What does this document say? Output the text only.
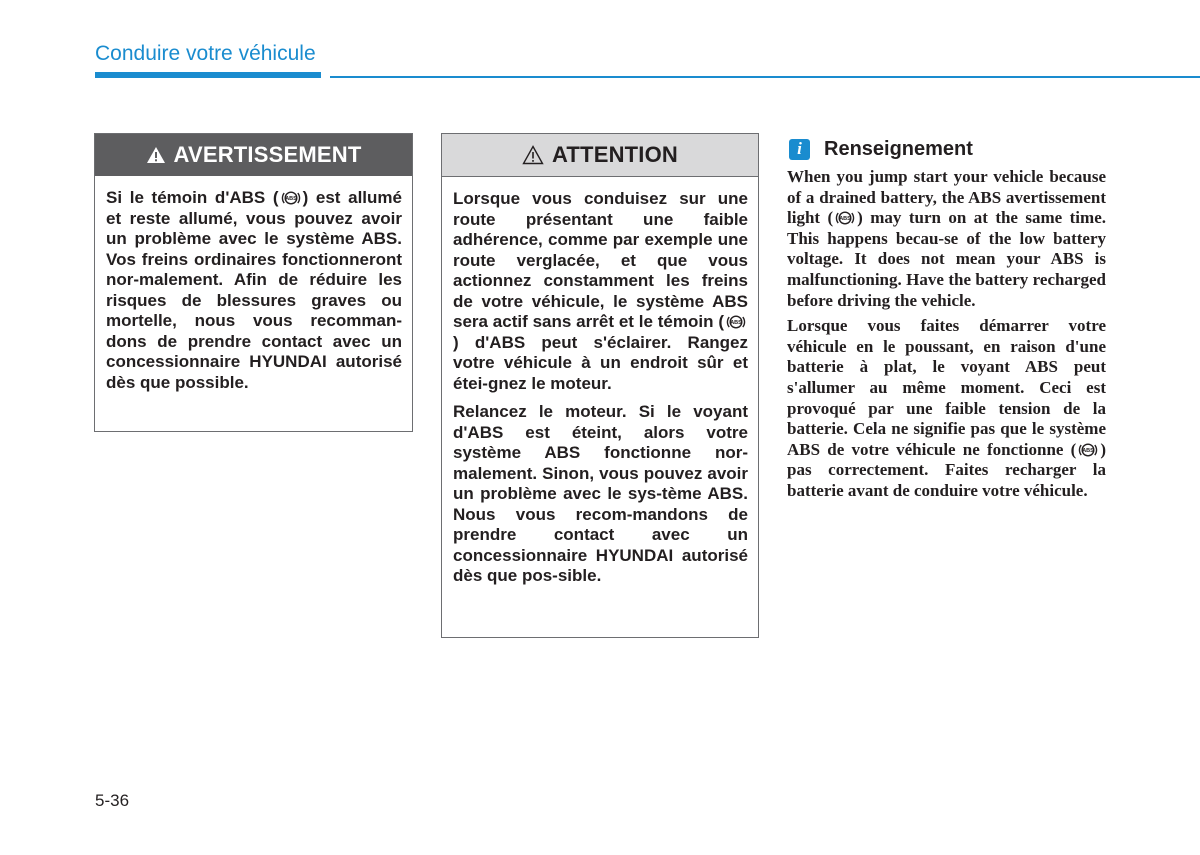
Conduire votre véhicule
AVERTISSEMENT

Si le témoin d'ABS ( ABS ) est allumé et reste allumé, vous pouvez avoir un problème avec le système ABS. Vos freins ordinaires fonctionneront nor-malement. Afin de réduire les risques de blessures graves ou mortelle, nous vous recomman-dons de prendre contact avec un concessionnaire HYUNDAI autorisé dès que possible.

ATTENTION

Lorsque vous conduisez sur une route présentant une faible adhérence, comme par exemple une route verglacée, et que vous actionnez constamment les freins de votre véhicule, le système ABS sera actif sans arrêt et le témoin ( ABS
) d'ABS peut s'éclairer. Rangez votre véhicule à un endroit sûr et étei-gnez le moteur.

Relancez le moteur. Si le voyant d'ABS est éteint, alors votre système ABS fonctionne nor-malement. Sinon, vous pouvez avoir un problème avec le sys-tème ABS. Nous vous recom-mandons de prendre contact avec un concessionnaire HYUNDAI autorisé dès que pos-sible.

i	Renseignement

When you jump start your vehicle because of a drained battery, the ABS avertissement light ( ABS ) may turn on at the same time. This happens becau-se of the low battery voltage. It does not mean your ABS is malfunctioning. Have the battery recharged before driving the vehicle.

Lorsque vous faites démarrer votre véhicule en le poussant, en raison d'une batterie à plat, le voyant ABS peut s'allumer au même moment. Ceci est provoqué par une faible tension de la batterie. Cela ne signifie pas que le système ABS de votre véhicule ne fonctionne ( ABS ) pas correctement. Faites recharger la batterie avant de conduire votre véhicule.

5-36
